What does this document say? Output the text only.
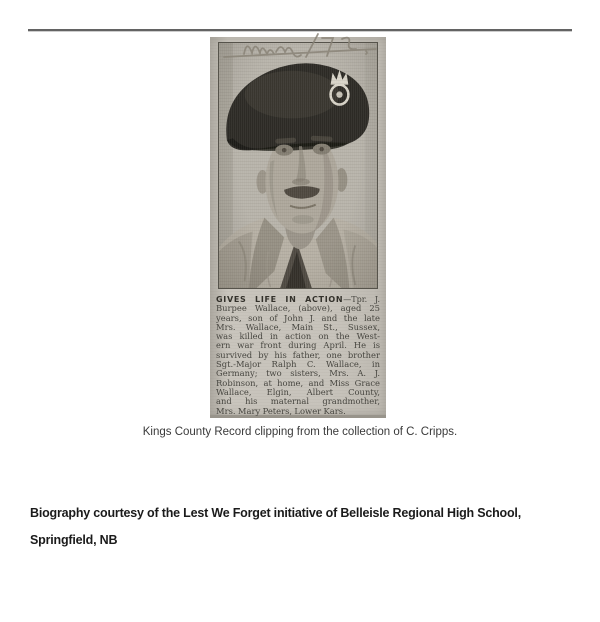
GIVES LIFE IN ACTION—Tpr. J.
Burpee Wallace, (above), aged 25
years, son of John J. and the late
Mrs. Wallace, Main St., Sussex,
was killed in action on the West-
ern war front during April. He is
survived by his father, one brother
Sgt.-Major Ralph C. Wallace, in
Germany; two sisters, Mrs. A. J.
Robinson, at home, and Miss Grace
Wallace, Elgin, Albert County,
and his maternal grandmother,
Mrs. Mary Peters, Lower Kars.
Kings County Record clipping from the collection of C. Cripps.
Biography courtesy of the Lest We Forget initiative of Belleisle Regional High School,
Springfield, NB
